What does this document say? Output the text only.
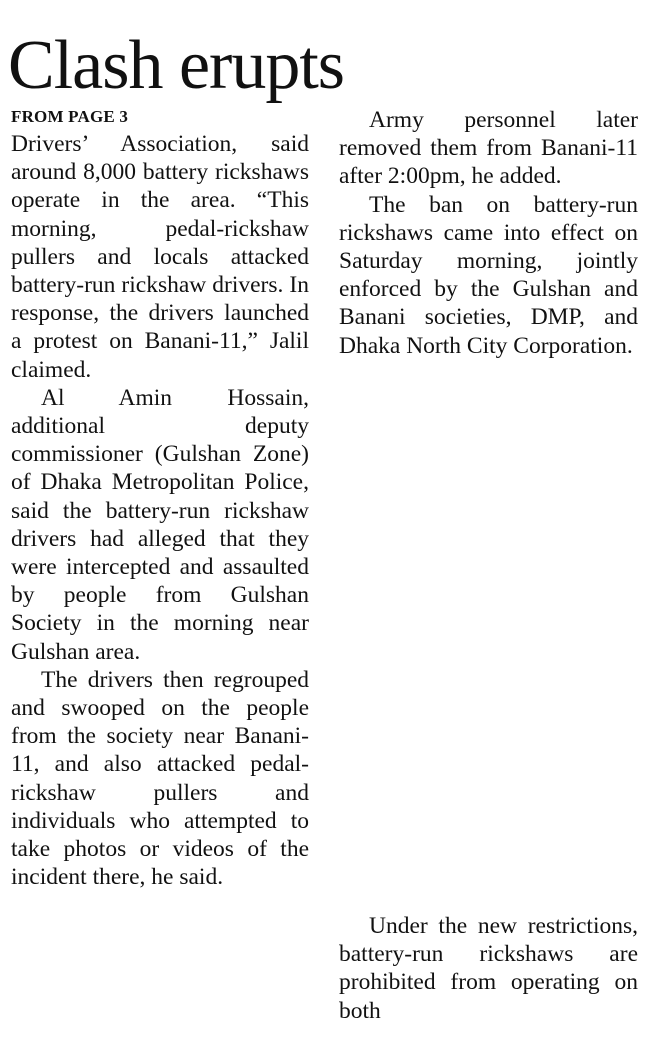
Clash erupts
FROM PAGE 3

Drivers’ Association, said around 8,000 battery rickshaws operate in the area. “This morning, pedal-rickshaw pullers and locals attacked battery-run rickshaw drivers. In response, the drivers launched a protest on Banani-11,” Jalil claimed.

Al Amin Hossain, additional deputy commissioner (Gulshan Zone) of Dhaka Metropolitan Police, said the battery-run rickshaw drivers had alleged that they were intercepted and assaulted by people from Gulshan Society in the morning near Gulshan area.

The drivers then regrouped and swooped on the people from the society near Banani-11, and also attacked pedal-rickshaw pullers and individuals who attempted to take photos or videos of the incident there, he said.

Army personnel later removed them from Banani-11 after 2:00pm, he added.

The ban on battery-run rickshaws came into effect on Saturday morning, jointly enforced by the Gulshan and Banani societies, DMP, and Dhaka North City Corporation.

Under the new restrictions, battery-run rickshaws are prohibited from operating on both
